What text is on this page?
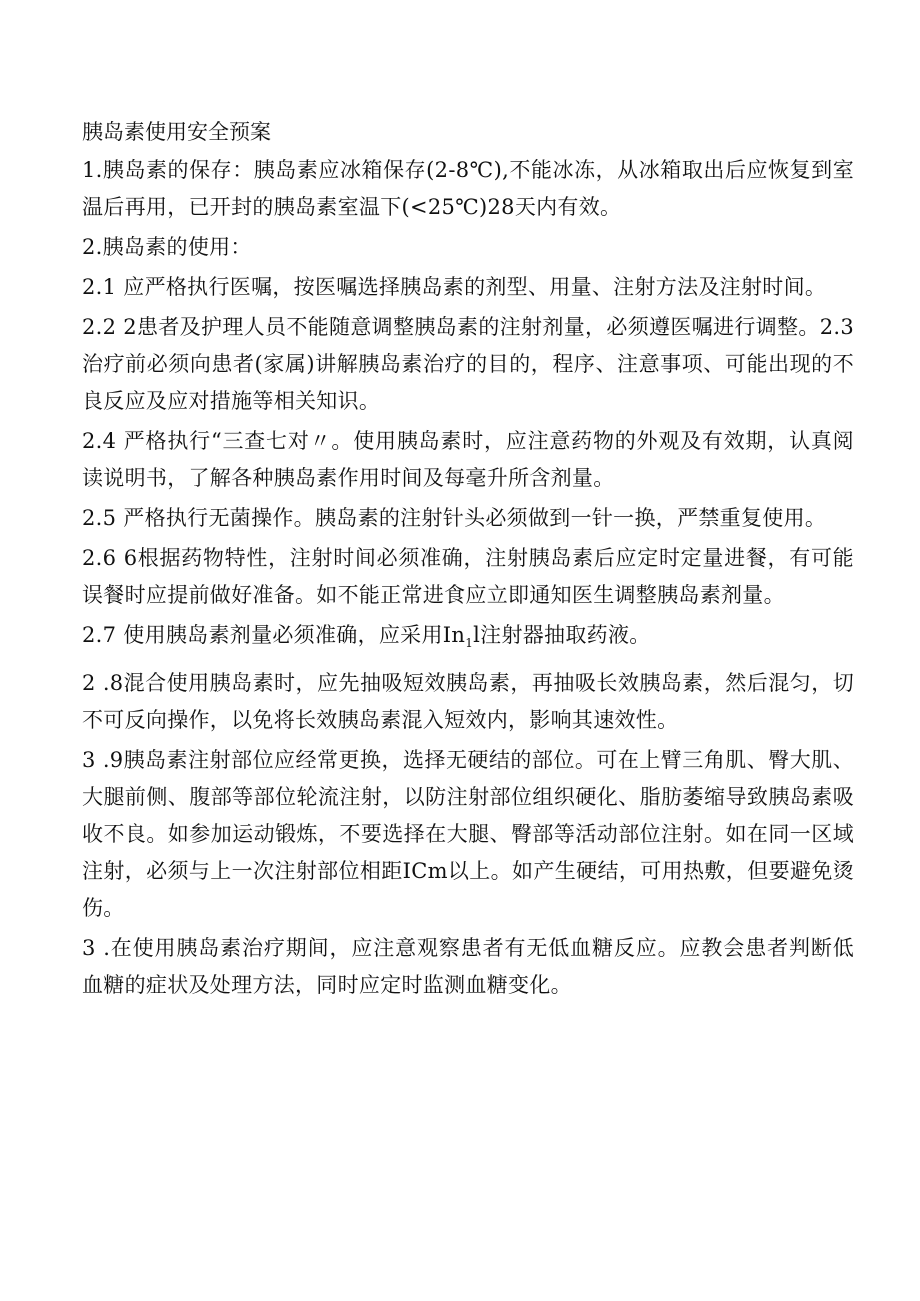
胰岛素使用安全预案

1.胰岛素的保存：胰岛素应冰箱保存(2-8℃),不能冰冻，从冰箱取出后应恢复到室温后再用，已开封的胰岛素室温下(<25℃)28天内有效。

2.胰岛素的使用：

2.1 应严格执行医嘱，按医嘱选择胰岛素的剂型、用量、注射方法及注射时间。

2.2 2患者及护理人员不能随意调整胰岛素的注射剂量，必须遵医嘱进行调整。2.3治疗前必须向患者(家属)讲解胰岛素治疗的目的，程序、注意事项、可能出现的不良反应及应对措施等相关知识。

2.4 严格执行“三查七对〃。使用胰岛素时，应注意药物的外观及有效期，认真阅读说明书，了解各种胰岛素作用时间及每毫升所含剂量。

2.5 严格执行无菌操作。胰岛素的注射针头必须做到一针一换，严禁重复使用。

2.6 6根据药物特性，注射时间必须准确，注射胰岛素后应定时定量进餐，有可能误餐时应提前做好准备。如不能正常进食应立即通知医生调整胰岛素剂量。

2.7 使用胰岛素剂量必须准确，应采用$In_1l$注射器抽取药液。

2 .8混合使用胰岛素时，应先抽吸短效胰岛素，再抽吸长效胰岛素，然后混匀，切不可反向操作，以免将长效胰岛素混入短效内，影响其速效性。

3 .9胰岛素注射部位应经常更换，选择无硬结的部位。可在上臂三角肌、臀大肌、大腿前侧、腹部等部位轮流注射，以防注射部位组织硬化、脂肪萎缩导致胰岛素吸收不良。如参加运动锻炼，不要选择在大腿、臀部等活动部位注射。如在同一区域注射，必须与上一次注射部位相距ICm以上。如产生硬结，可用热敷，但要避免烫伤。

3 .在使用胰岛素治疗期间，应注意观察患者有无低血糖反应。应教会患者判断低血糖的症状及处理方法，同时应定时监测血糖变化。
